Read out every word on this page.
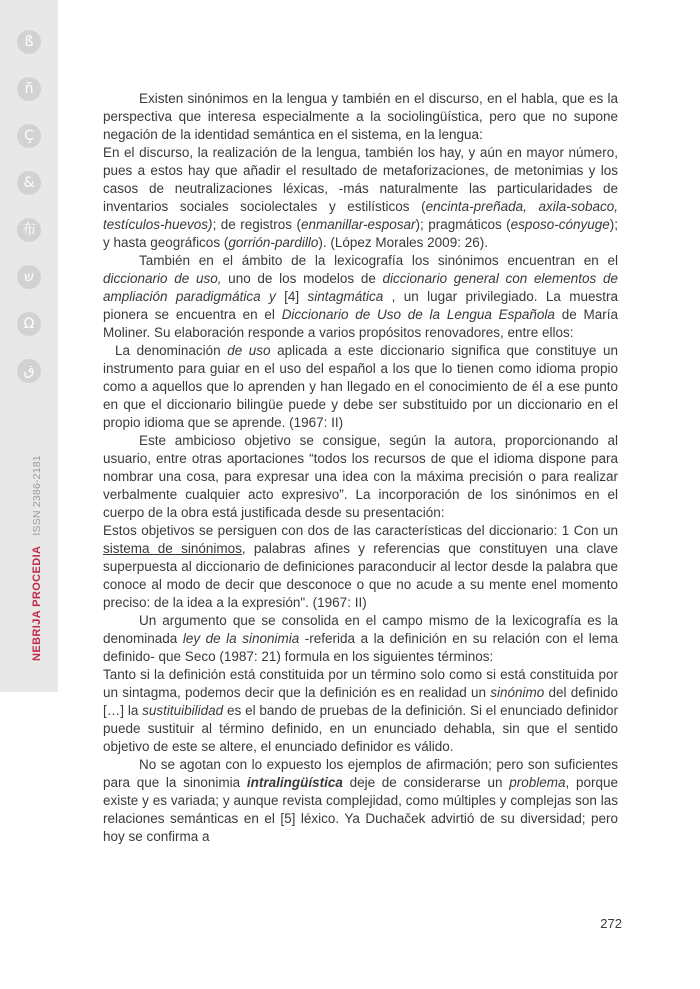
ß
ñ
Ç
&
布
ש
Ω
ق
NEBRIJA PROCEDIAISSN 2386-2181

Existen sinónimos en la lengua y también en el discurso, en el habla, que es la perspectiva que interesa especialmente a la sociolingüística, pero que no supone negación de la identidad semántica en el sistema, en la lengua:

En el discurso, la realización de la lengua, también los hay, y aún en mayor número, pues a estos hay que añadir el resultado de metaforizaciones, de metonimias y los casos de neutralizaciones léxicas, -más naturalmente las particularidades de inventarios sociales sociolectales y estilísticos (encinta-preñada, axila-sobaco, testículos-huevos); de registros (enmanillar-esposar); pragmáticos (esposo-cónyuge); y hasta geográficos (gorrión-pardillo). (López Morales 2009: 26).

También en el ámbito de la lexicografía los sinónimos encuentran en el diccionario de uso, uno de los modelos de diccionario general con elementos de ampliación paradigmática y [4] sintagmática , un lugar privilegiado. La muestra pionera se encuentra en el Diccionario de Uso de la Lengua Española de María Moliner. Su elaboración responde a varios propósitos renovadores, entre ellos:

La denominación de uso aplicada a este diccionario significa que constituye un instrumento para guiar en el uso del español a los que lo tienen como idioma propio como a aquellos que lo aprenden y han llegado en el conocimiento de él a ese punto en que el diccionario bilingüe puede y debe ser substituido por un diccionario en el propio idioma que se aprende. (1967: II)

Este ambicioso objetivo se consigue, según la autora, proporcionando al usuario, entre otras aportaciones “todos los recursos de que el idioma dispone para nombrar una cosa, para expresar una idea con la máxima precisión o para realizar verbalmente cualquier acto expresivo”. La incorporación de los sinónimos en el cuerpo de la obra está justificada desde su presentación:

Estos objetivos se persiguen con dos de las características del diccionario: 1 Con un sistema de sinónimos, palabras afines y referencias que constituyen una clave superpuesta al diccionario de definiciones paraconducir al lector desde la palabra que conoce al modo de decir que desconoce o que no acude a su mente enel momento preciso: de la idea a la expresión". (1967: II)

Un argumento que se consolida en el campo mismo de la lexicografía es la denominada ley de la sinonimia -referida a la definición en su relación con el lema definido- que Seco (1987: 21) formula en los siguientes términos:

Tanto si la definición está constituida por un término solo como si está constituida por un sintagma, podemos decir que la definición es en realidad un sinónimo del definido […] la sustituibilidad es el bando de pruebas de la definición. Si el enunciado definidor puede sustituir al término definido, en un enunciado dehabla, sin que el sentido objetivo de este se altere, el enunciado definidor es válido.

No se agotan con lo expuesto los ejemplos de afirmación; pero son suficientes para que la sinonimia intralingüística deje de considerarse un problema, porque existe y es variada; y aunque revista complejidad, como múltiples y complejas son las relaciones semánticas en el [5] léxico. Ya Duchaček advirtió de su diversidad; pero hoy se confirma a

272
